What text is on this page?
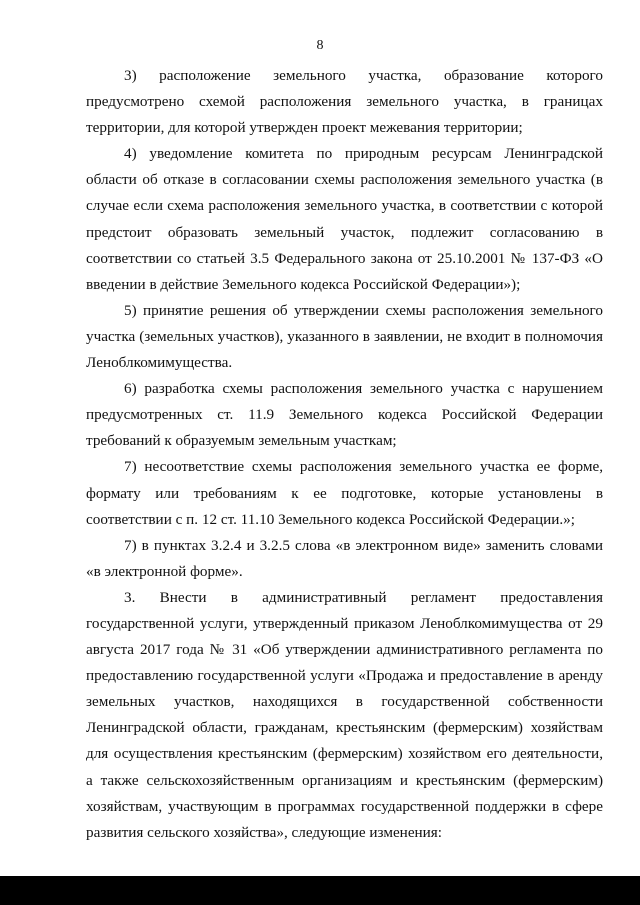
8

3) расположение земельного участка, образование которого предусмотрено схемой расположения земельного участка, в границах территории, для которой утвержден проект межевания территории;

4) уведомление комитета по природным ресурсам Ленинградской области об отказе в согласовании схемы расположения земельного участка (в случае если схема расположения земельного участка, в соответствии с которой предстоит образовать земельный участок, подлежит согласованию в соответствии со статьей 3.5 Федерального закона от 25.10.2001 № 137-ФЗ «О введении в действие Земельного кодекса Российской Федерации»);

5) принятие решения об утверждении схемы расположения земельного участка (земельных участков), указанного в заявлении, не входит в полномочия Леноблкомимущества.

6) разработка схемы расположения земельного участка с нарушением предусмотренных ст. 11.9 Земельного кодекса Российской Федерации требований к образуемым земельным участкам;

7) несоответствие схемы расположения земельного участка ее форме, формату или требованиям к ее подготовке, которые установлены в соответствии с п. 12 ст. 11.10 Земельного кодекса Российской Федерации.»;

7) в пунктах 3.2.4 и 3.2.5 слова «в электронном виде» заменить словами «в электронной форме».

3. Внести в административный регламент предоставления государственной услуги, утвержденный приказом Леноблкомимущества от 29 августа 2017 года № 31 «Об утверждении административного регламента по предоставлению государственной услуги «Продажа и предоставление в аренду земельных участков, находящихся в государственной собственности Ленинградской области, гражданам, крестьянским (фермерским) хозяйствам для осуществления крестьянским (фермерским) хозяйством его деятельности, а также сельскохозяйственным организациям и крестьянским (фермерским) хозяйствам, участвующим в программах государственной поддержки в сфере развития сельского хозяйства», следующие изменения:
